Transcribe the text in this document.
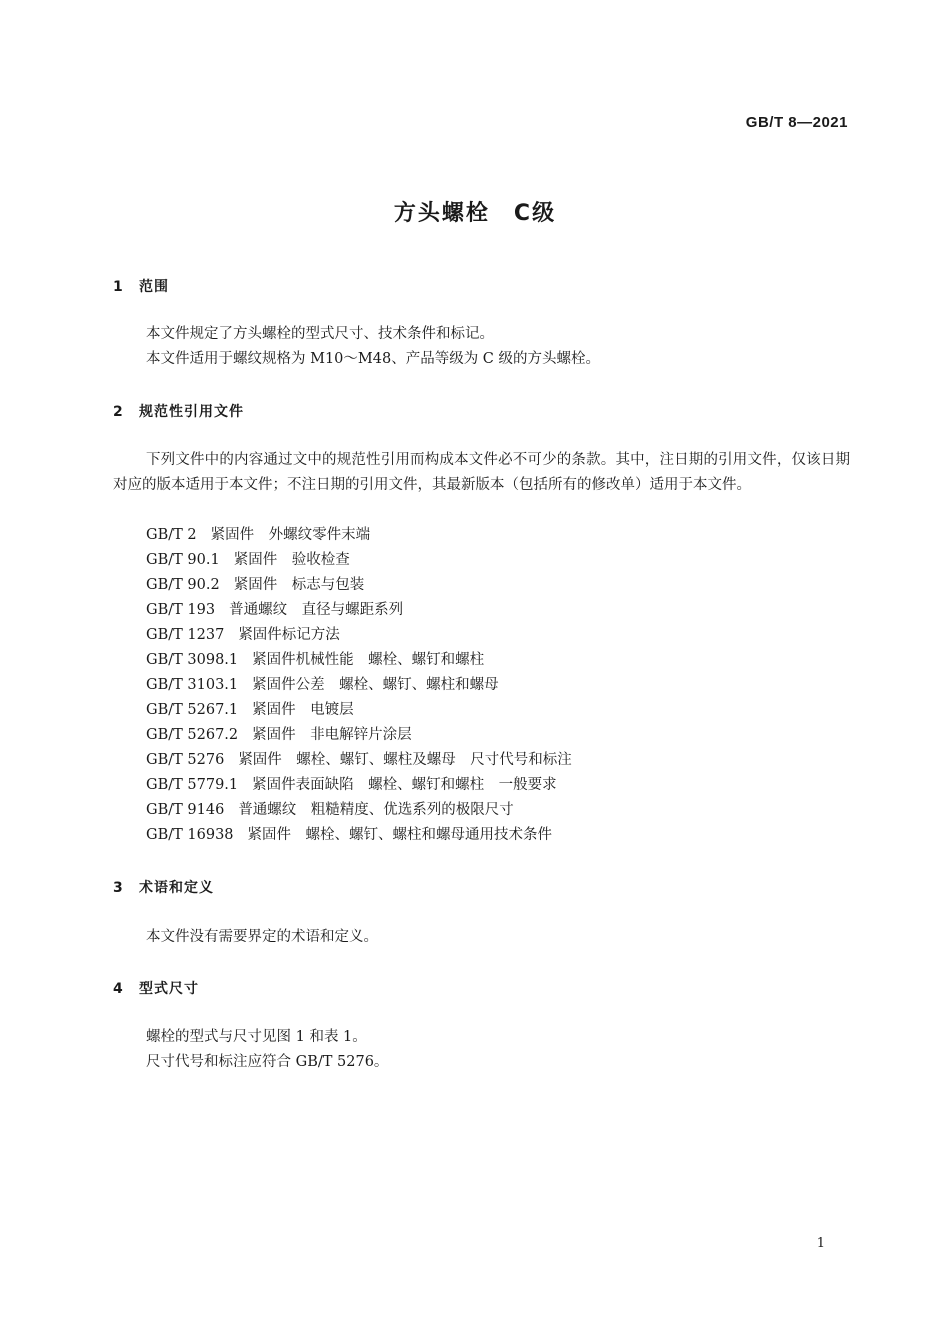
GB/T 8—2021
方头螺栓　C级
1 范围
本文件规定了方头螺栓的型式尺寸、技术条件和标记。
本文件适用于螺纹规格为 M10～M48、产品等级为 C 级的方头螺栓。
2 规范性引用文件
下列文件中的内容通过文中的规范性引用而构成本文件必不可少的条款。其中，注日期的引用文件，仅该日期对应的版本适用于本文件；不注日期的引用文件，其最新版本（包括所有的修改单）适用于本文件。
GB/T 2 紧固件　外螺纹零件末端
GB/T 90.1 紧固件　验收检查
GB/T 90.2 紧固件　标志与包装
GB/T 193 普通螺纹　直径与螺距系列
GB/T 1237 紧固件标记方法
GB/T 3098.1 紧固件机械性能　螺栓、螺钉和螺柱
GB/T 3103.1 紧固件公差　螺栓、螺钉、螺柱和螺母
GB/T 5267.1 紧固件　电镀层
GB/T 5267.2 紧固件　非电解锌片涂层
GB/T 5276 紧固件　螺栓、螺钉、螺柱及螺母　尺寸代号和标注
GB/T 5779.1 紧固件表面缺陷　螺栓、螺钉和螺柱　一般要求
GB/T 9146 普通螺纹　粗糙精度、优选系列的极限尺寸
GB/T 16938 紧固件　螺栓、螺钉、螺柱和螺母通用技术条件
3 术语和定义
本文件没有需要界定的术语和定义。
4 型式尺寸
螺栓的型式与尺寸见图 1 和表 1。
尺寸代号和标注应符合 GB/T 5276。
1
